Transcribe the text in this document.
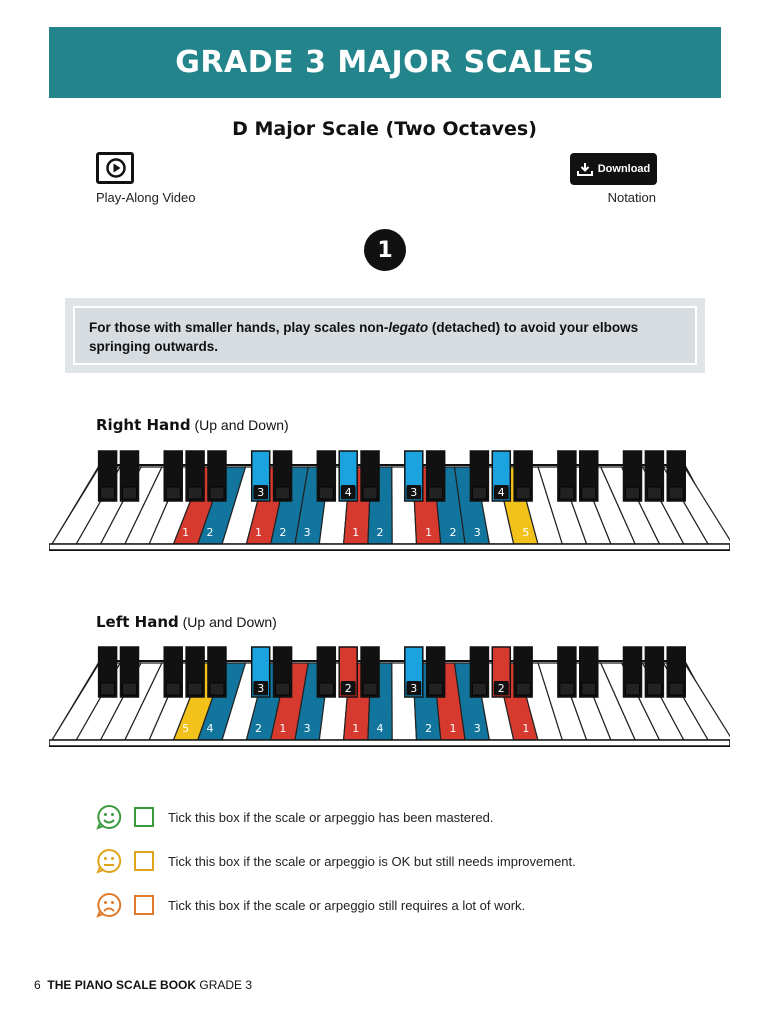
GRADE 3 MAJOR SCALES
D Major Scale (Two Octaves)
Play-Along Video
Download
Notation
1
For those with smaller hands, play scales non-legato (detached) to avoid your elbows springing outwards.
Right Hand (Up and Down)
1 2	1 2 3	1 2	1 2 3	5
3	4	3	4
Left Hand (Up and Down)
5 4	2 1 3	1 4	2 1 3	1
3	2	3	2
Tick this box if the scale or arpeggio has been mastered.
Tick this box if the scale or arpeggio is OK but still needs improvement.
Tick this box if the scale or arpeggio still requires a lot of work.
6 THE PIANO SCALE BOOK GRADE 3
